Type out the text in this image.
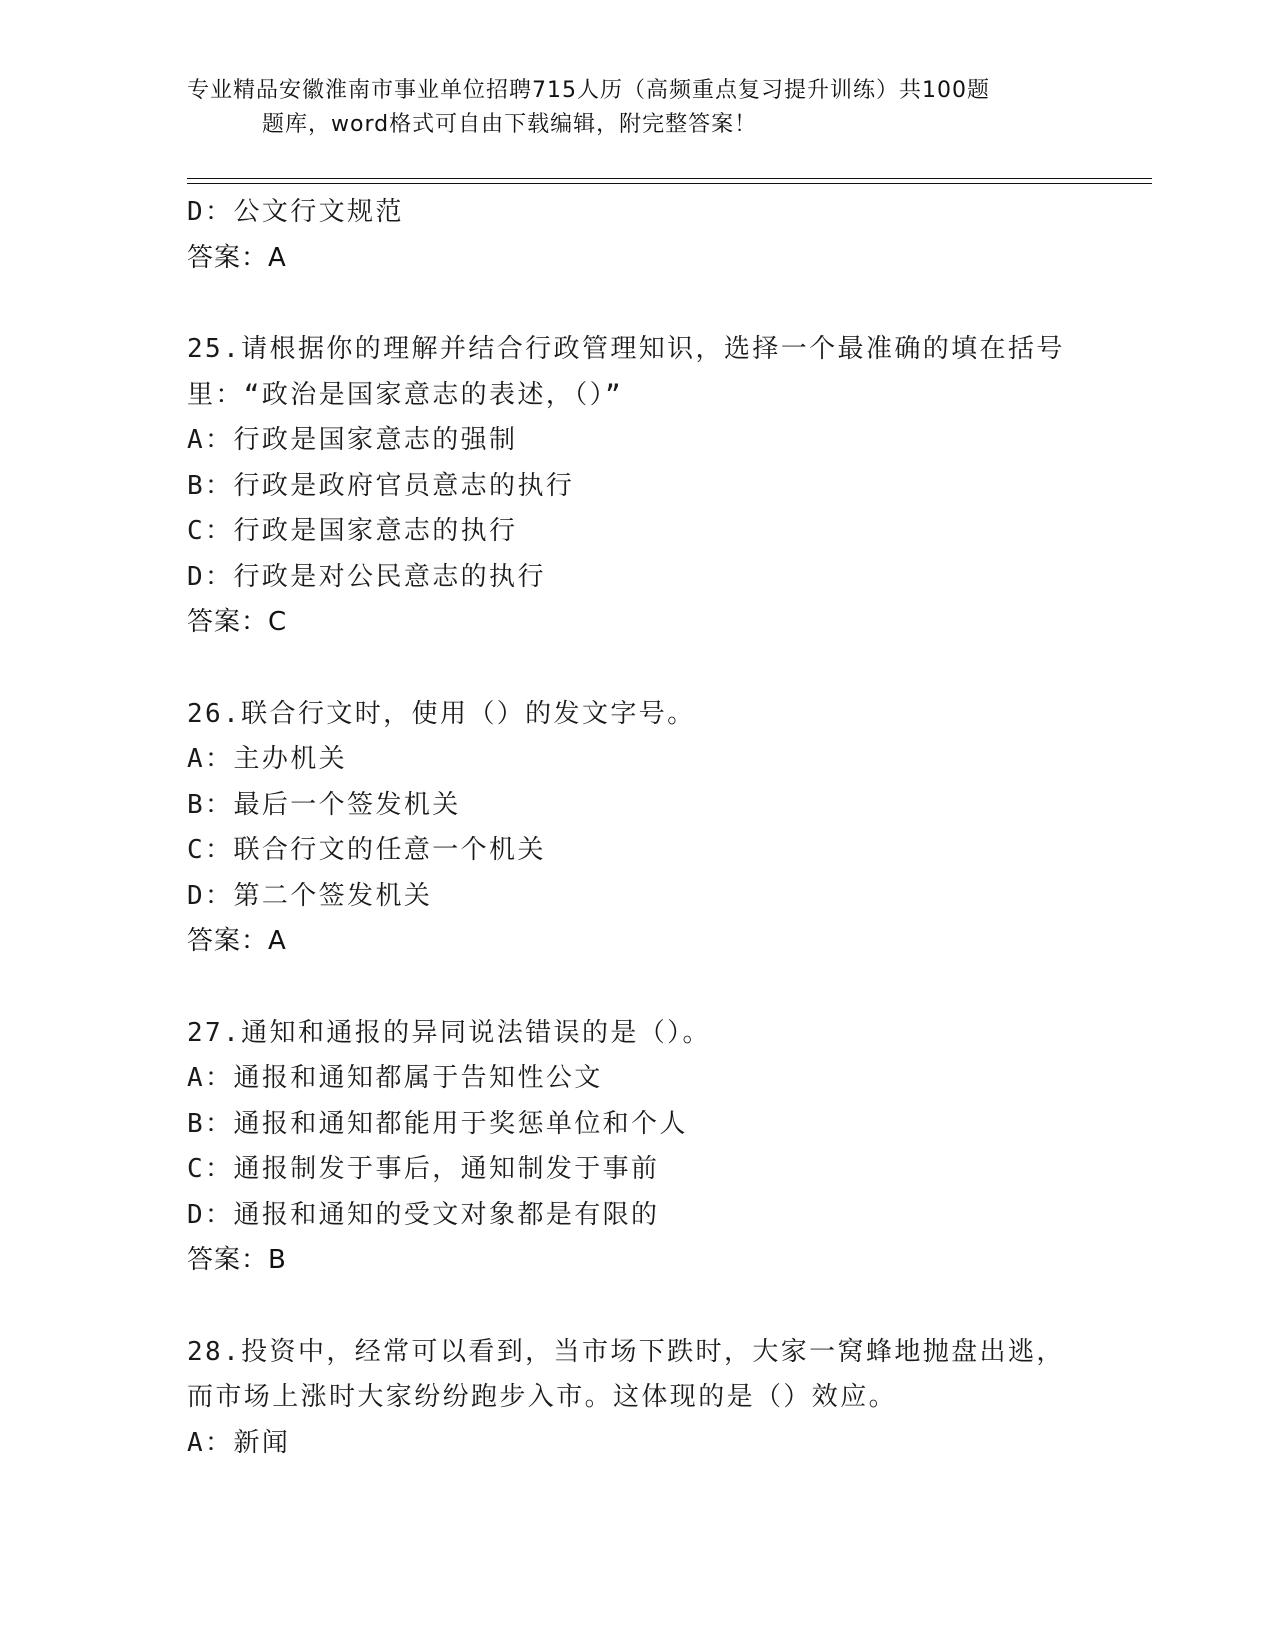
专业精品安徽淮南市事业单位招聘715人历（高频重点复习提升训练）共100题
题库，word格式可自由下载编辑，附完整答案！
D：公文行文规范
答案：A
25.请根据你的理解并结合行政管理知识，选择一个最准确的填在括号
里：“政治是国家意志的表述，（）”
A：行政是国家意志的强制
B：行政是政府官员意志的执行
C：行政是国家意志的执行
D：行政是对公民意志的执行
答案：C
26.联合行文时，使用（）的发文字号。
A：主办机关
B：最后一个签发机关
C：联合行文的任意一个机关
D：第二个签发机关
答案：A
27.通知和通报的异同说法错误的是（）。
A：通报和通知都属于告知性公文
B：通报和通知都能用于奖惩单位和个人
C：通报制发于事后，通知制发于事前
D：通报和通知的受文对象都是有限的
答案：B
28.投资中，经常可以看到，当市场下跌时，大家一窝蜂地抛盘出逃，
而市场上涨时大家纷纷跑步入市。这体现的是（）效应。
A：新闻
